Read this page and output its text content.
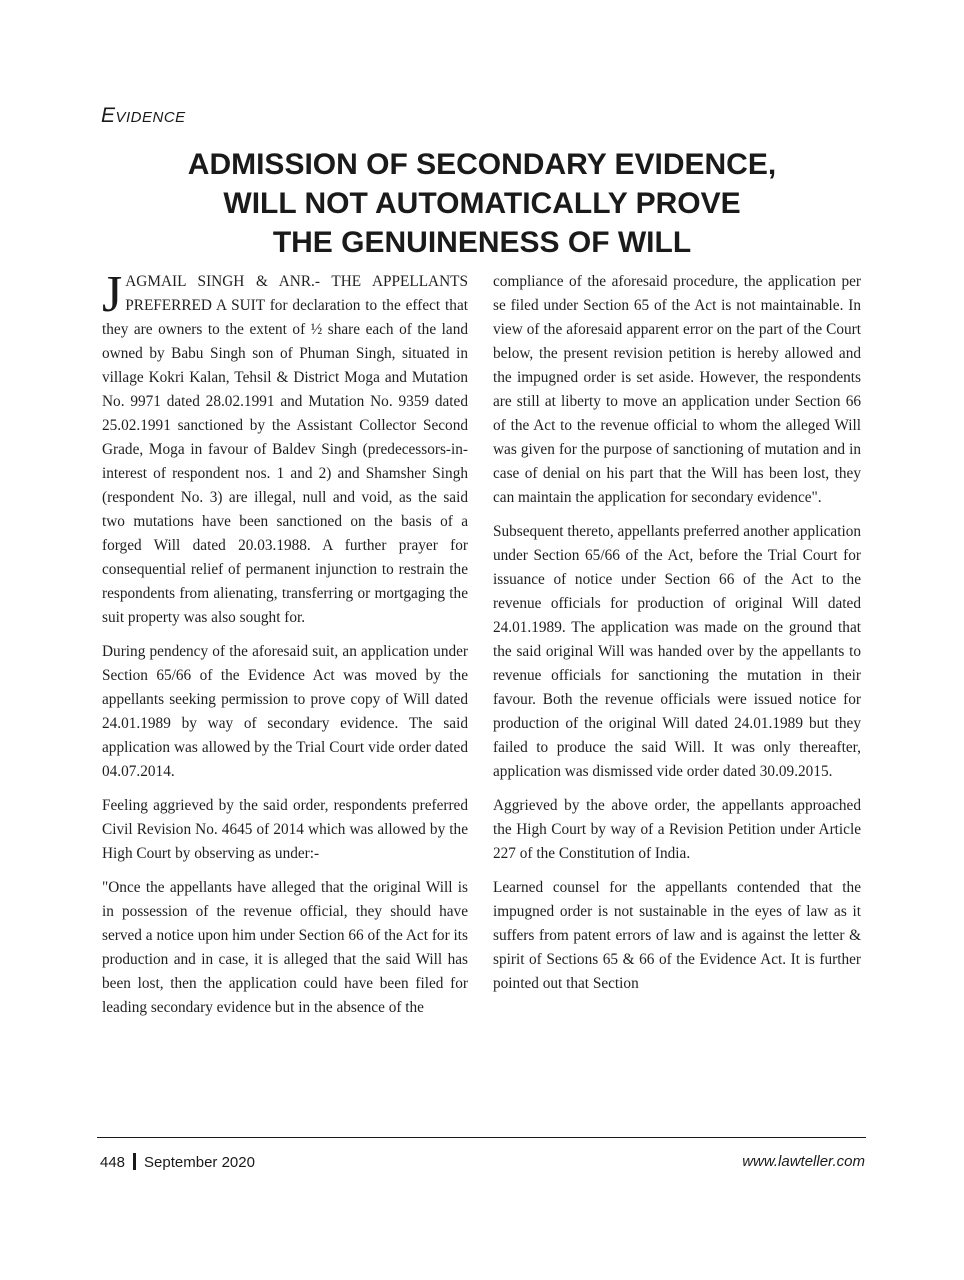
Evidence
ADMISSION OF SECONDARY EVIDENCE,
WILL NOT AUTOMATICALLY PROVE
THE GENUINENESS OF WILL

JAGMAIL SINGH & ANR.- THE APPELLANTS PREFERRED A SUIT for declaration to the effect that they are owners to the extent of ½ share each of the land owned by Babu Singh son of Phuman Singh, situated in village Kokri Kalan, Tehsil & District Moga and Mutation No. 9971 dated 28.02.1991 and Mutation No. 9359 dated 25.02.1991 sanctioned by the Assistant Collector Second Grade, Moga in favour of Baldev Singh (predecessors-in-interest of respondent nos. 1 and 2) and Shamsher Singh (respondent No. 3) are illegal, null and void, as the said two mutations have been sanctioned on the basis of a forged Will dated 20.03.1988. A further prayer for consequential relief of permanent injunction to restrain the respondents from alienating, transferring or mortgaging the suit property was also sought for.

During pendency of the aforesaid suit, an application under Section 65/66 of the Evidence Act was moved by the appellants seeking permission to prove copy of Will dated 24.01.1989 by way of secondary evidence. The said application was allowed by the Trial Court vide order dated 04.07.2014.

Feeling aggrieved by the said order, respondents preferred Civil Revision No. 4645 of 2014 which was allowed by the High Court by observing as under:-

"Once the appellants have alleged that the original Will is in possession of the revenue official, they should have served a notice upon him under Section 66 of the Act for its production and in case, it is alleged that the said Will has been lost, then the application could have been filed for leading secondary evidence but in the absence of the

compliance of the aforesaid procedure, the application per se filed under Section 65 of the Act is not maintainable. In view of the aforesaid apparent error on the part of the Court below, the present revision petition is hereby allowed and the impugned order is set aside. However, the respondents are still at liberty to move an application under Section 66 of the Act to the revenue official to whom the alleged Will was given for the purpose of sanctioning of mutation and in case of denial on his part that the Will has been lost, they can maintain the application for secondary evidence".

Subsequent thereto, appellants preferred another application under Section 65/66 of the Act, before the Trial Court for issuance of notice under Section 66 of the Act to the revenue officials for production of original Will dated 24.01.1989. The application was made on the ground that the said original Will was handed over by the appellants to revenue officials for sanctioning the mutation in their favour. Both the revenue officials were issued notice for production of the original Will dated 24.01.1989 but they failed to produce the said Will. It was only thereafter, application was dismissed vide order dated 30.09.2015.

Aggrieved by the above order, the appellants approached the High Court by way of a Revision Petition under Article 227 of the Constitution of India.

Learned counsel for the appellants contended that the impugned order is not sustainable in the eyes of law as it suffers from patent errors of law and is against the letter & spirit of Sections 65 & 66 of the Evidence Act. It is further pointed out that Section

448 September 2020	www.lawteller.com
